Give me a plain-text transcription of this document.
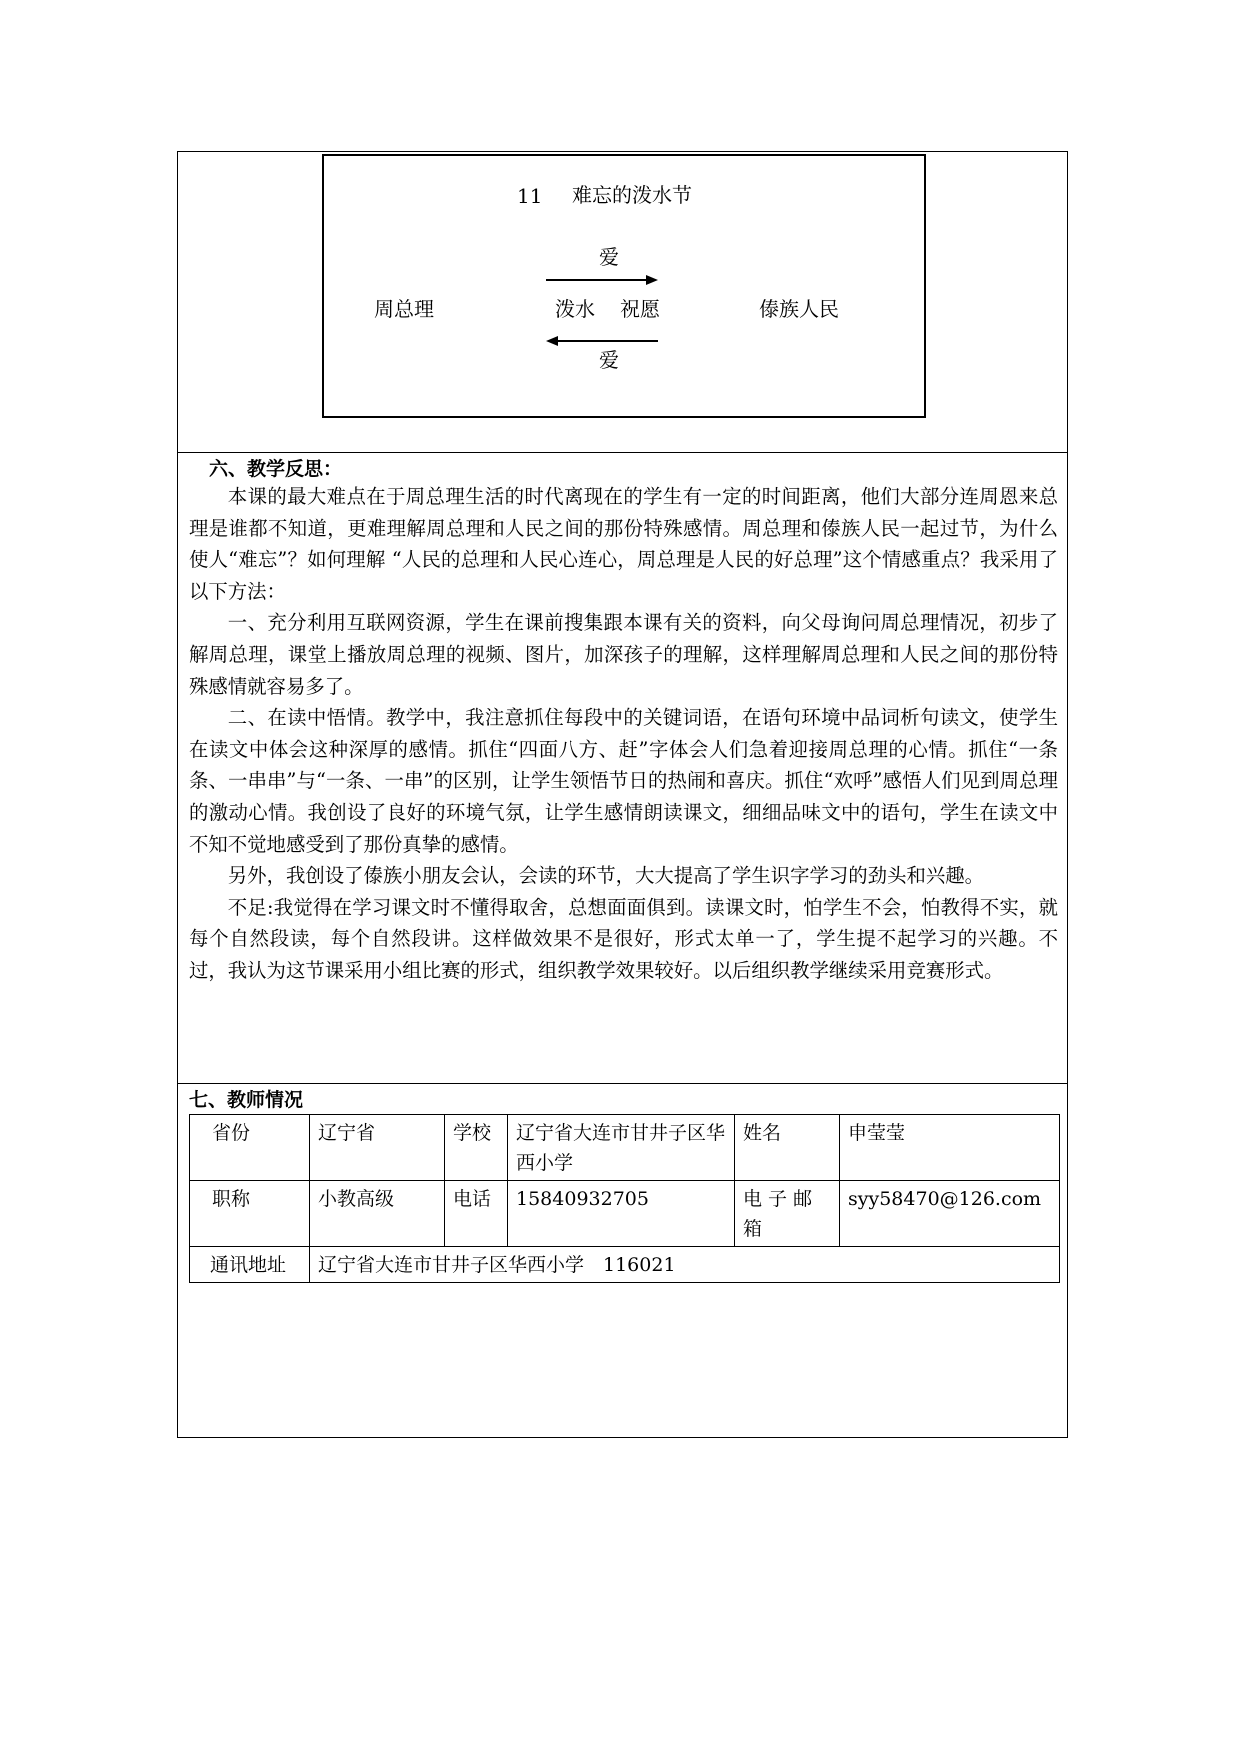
11 难忘的泼水节
爱
周总理	泼水 祝愿	傣族人民
爱
六、教学反思：

本课的最大难点在于周总理生活的时代离现在的学生有一定的时间距离，他们大部分连周恩来总理是谁都不知道，更难理解周总理和人民之间的那份特殊感情。周总理和傣族人民一起过节，为什么使人“难忘”？如何理解 “人民的总理和人民心连心，周总理是人民的好总理”这个情感重点？我采用了以下方法：

一、充分利用互联网资源，学生在课前搜集跟本课有关的资料，向父母询问周总理情况，初步了解周总理，课堂上播放周总理的视频、图片，加深孩子的理解，这样理解周总理和人民之间的那份特殊感情就容易多了。

二、在读中悟情。教学中，我注意抓住每段中的关键词语，在语句环境中品词析句读文，使学生在读文中体会这种深厚的感情。抓住“四面八方、赶”字体会人们急着迎接周总理的心情。抓住“一条条、一串串”与“一条、一串”的区别，让学生领悟节日的热闹和喜庆。抓住“欢呼”感悟人们见到周总理的激动心情。我创设了良好的环境气氛，让学生感情朗读课文，细细品味文中的语句，学生在读文中不知不觉地感受到了那份真挚的感情。

另外，我创设了傣族小朋友会认，会读的环节，大大提高了学生识字学习的劲头和兴趣。

不足:我觉得在学习课文时不懂得取舍，总想面面俱到。读课文时，怕学生不会，怕教得不实，就每个自然段读，每个自然段讲。这样做效果不是很好，形式太单一了，学生提不起学习的兴趣。不过，我认为这节课采用小组比赛的形式，组织教学效果较好。以后组织教学继续采用竞赛形式。

七、教师情况
省份	辽宁省	学校	辽宁省大连市甘井子区华西小学	姓名	申莹莹
职称	小教高级	电话	15840932705	电 子 邮 箱	syy58470@126.com
通讯地址	辽宁省大连市甘井子区华西小学　116021				
